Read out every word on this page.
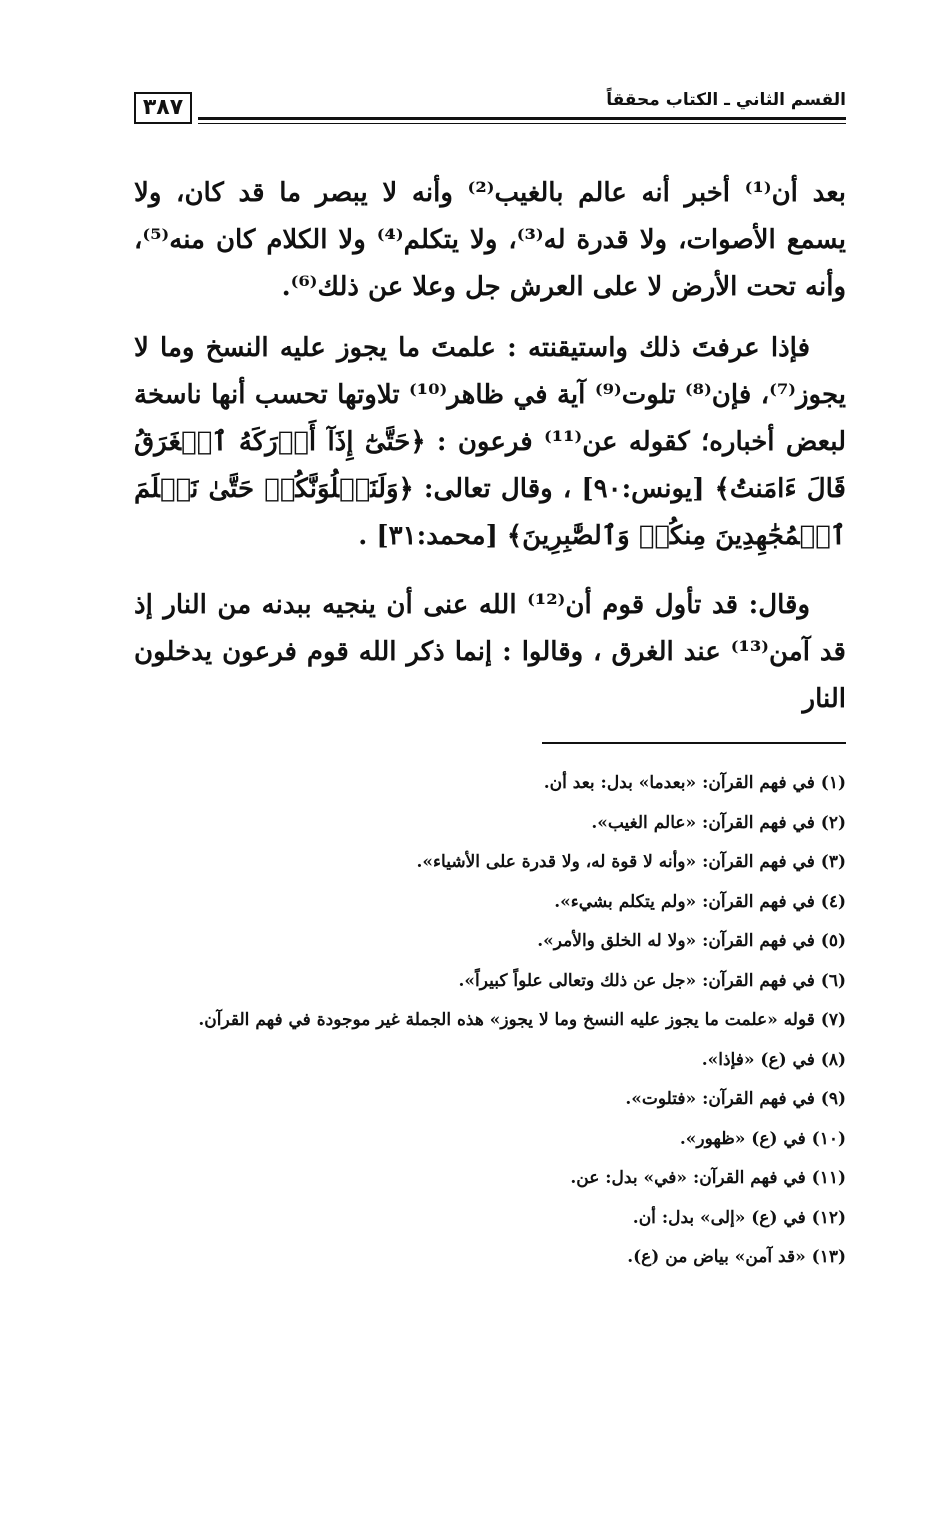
٣٨٧	القسم الثاني ـ الكتاب محققاً

بعد أن⁽¹⁾ أخبر أنه عالم بالغيب⁽²⁾ وأنه لا يبصر ما قد كان، ولا يسمع الأصوات، ولا قدرة له⁽³⁾، ولا يتكلم⁽⁴⁾ ولا الكلام كان منه⁽⁵⁾، وأنه تحت الأرض لا على العرش جل وعلا عن ذلك⁽⁶⁾.

فإذا عرفتَ ذلك واستيقنته : علمتَ ما يجوز عليه النسخ وما لا يجوز⁽⁷⁾، فإن⁽⁸⁾ تلوت⁽⁹⁾ آية في ظاهر⁽¹⁰⁾ تلاوتها تحسب أنها ناسخة لبعض أخباره؛ كقوله عن⁽¹¹⁾ فرعون : ﴿حَتَّىٰٓ إِذَآ أَدۡرَكَهُ ٱلۡغَرَقُ قَالَ ءَامَنتُ﴾ [يونس:٩٠] ، وقال تعالى: ﴿وَلَنَبۡلُوَنَّكُمۡ حَتَّىٰ نَعۡلَمَ ٱلۡمُجَٰهِدِينَ مِنكُمۡ وَٱلصَّٰبِرِينَ﴾ [محمد:٣١] .

وقال: قد تأول قوم أن⁽¹²⁾ الله عنى أن ينجيه ببدنه من النار إذ قد آمن⁽¹³⁾ عند الغرق ، وقالوا : إنما ذكر الله قوم فرعون يدخلون النار

(١) في فهم القرآن: «بعدما» بدل: بعد أن.
(٢) في فهم القرآن: «عالم الغيب».
(٣) في فهم القرآن: «وأنه لا قوة له، ولا قدرة على الأشياء».
(٤) في فهم القرآن: «ولم يتكلم بشيء».
(٥) في فهم القرآن: «ولا له الخلق والأمر».
(٦) في فهم القرآن: «جل عن ذلك وتعالى علواً كبيراً».
(٧) قوله «علمت ما يجوز عليه النسخ وما لا يجوز» هذه الجملة غير موجودة في فهم القرآن.
(٨) في (ع) «فإذا».
(٩) في فهم القرآن: «فتلوت».
(١٠) في (ع) «ظهور».
(١١) في فهم القرآن: «في» بدل: عن.
(١٢) في (ع) «إلى» بدل: أن.
(١٣) «قد آمن» بياض من (ع).
